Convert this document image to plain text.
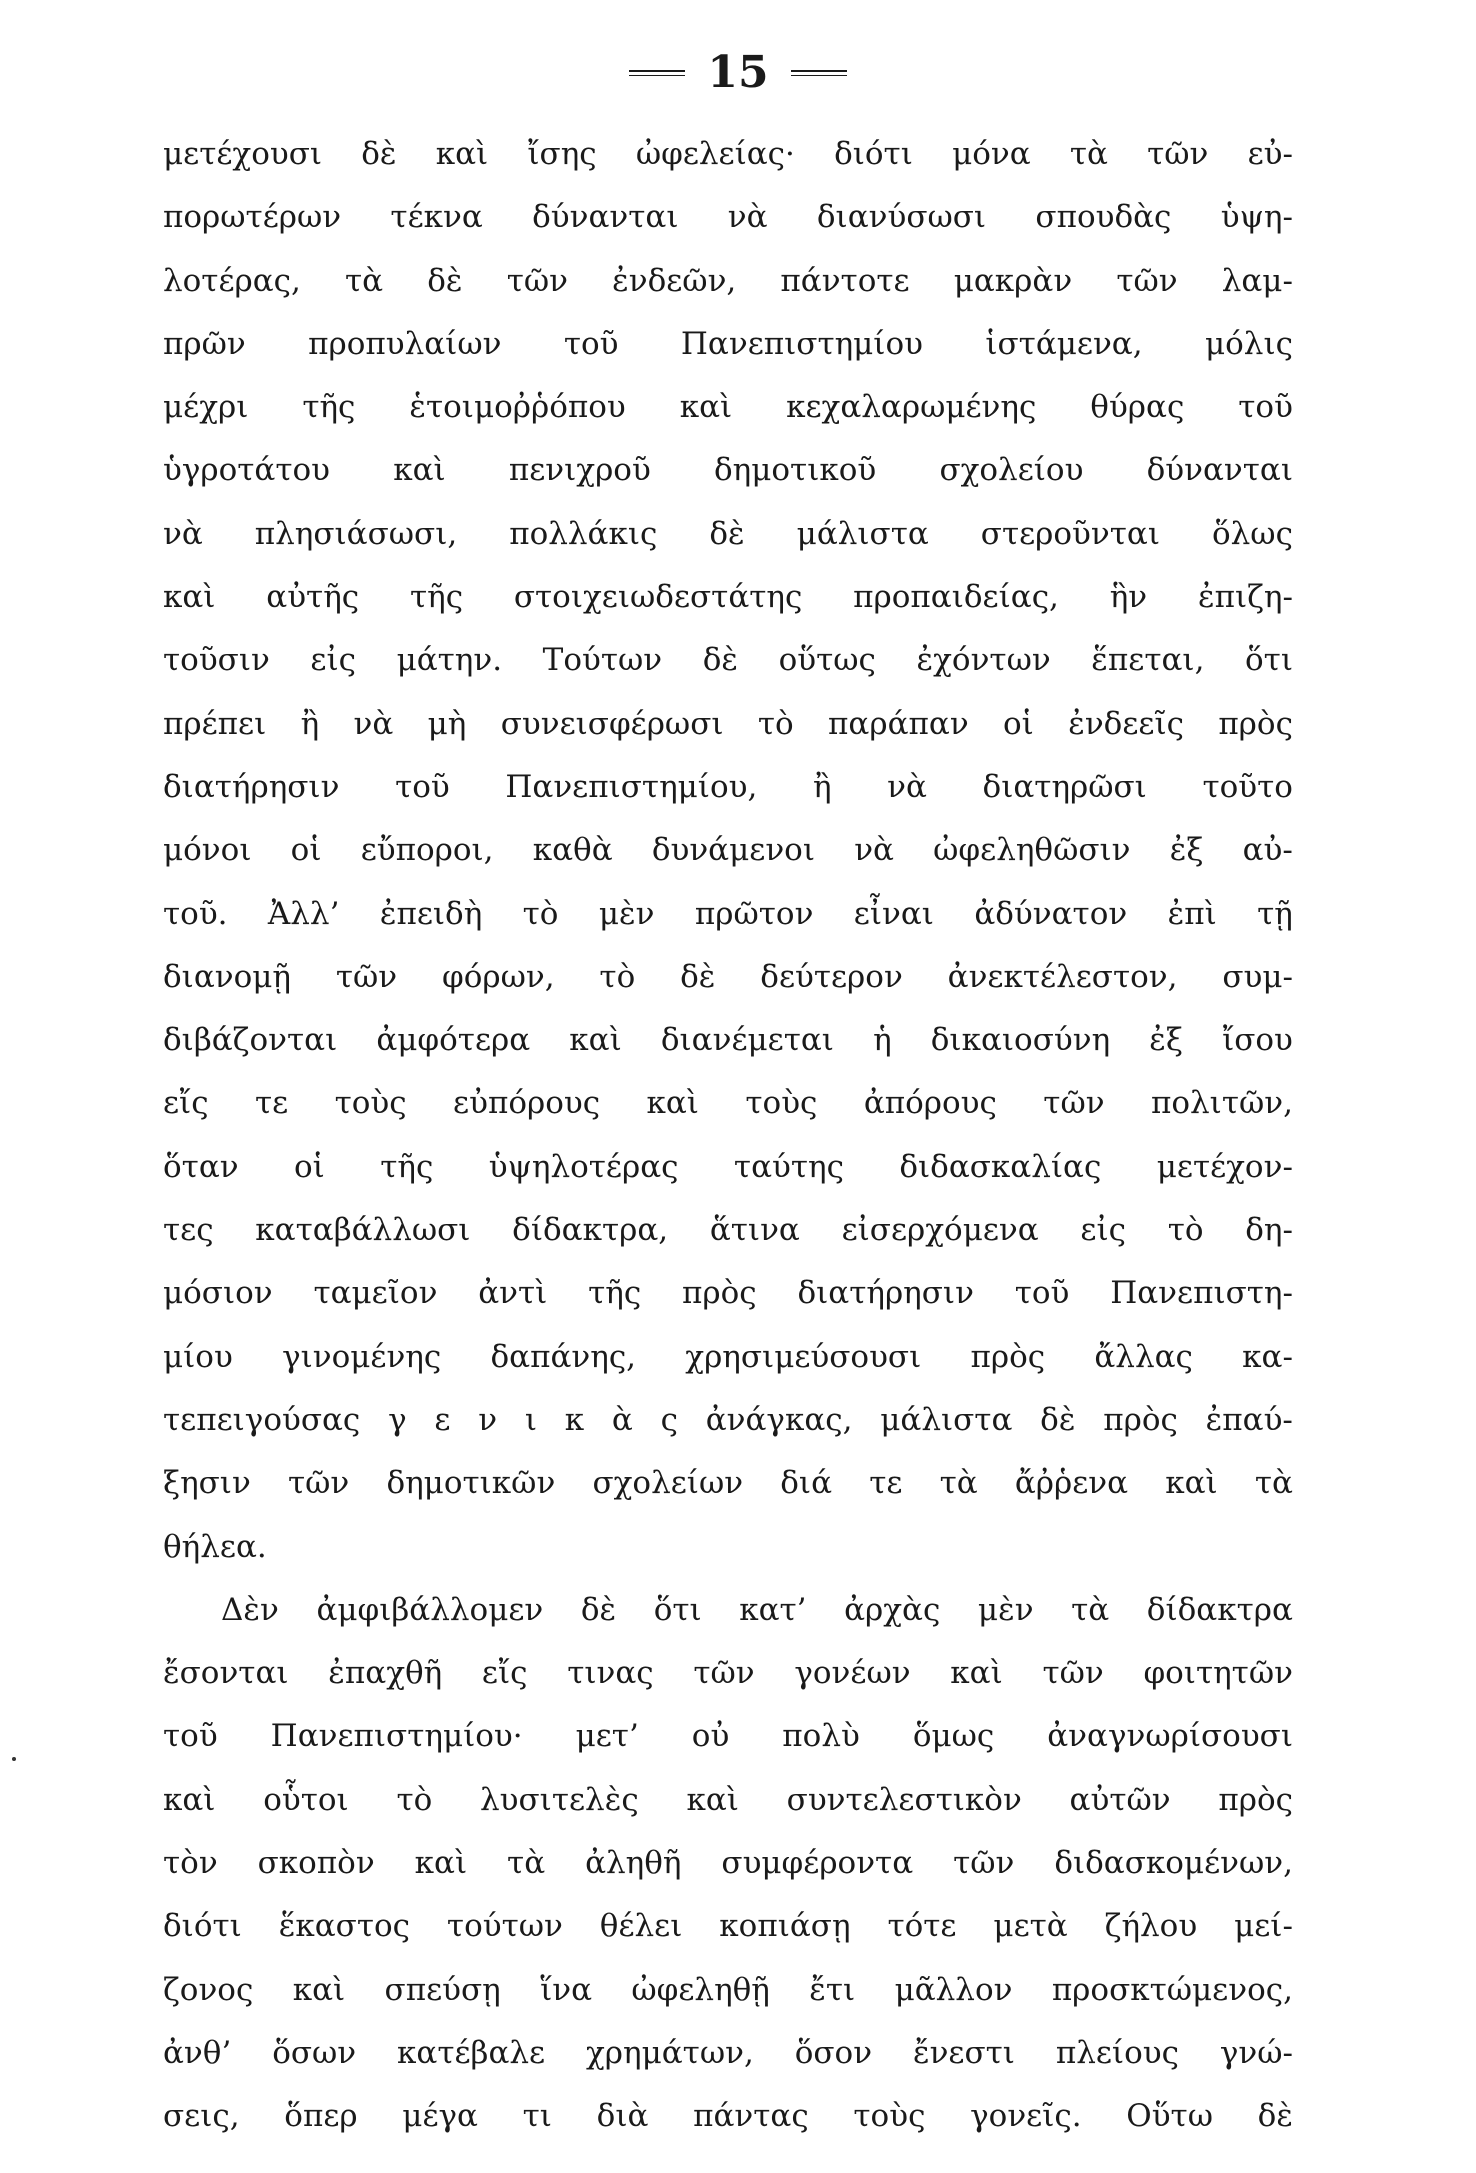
15
μετέχουσι δὲ καὶ ἴσης ὠφελείας· διότι μόνα τὰ τῶν εὐ-
πορωτέρων τέκνα δύνανται νὰ διανύσωσι σπουδὰς ὑψη-
λοτέρας, τὰ δὲ τῶν ἐνδεῶν, πάντοτε μακρὰν τῶν λαμ-
πρῶν προπυλαίων τοῦ Πανεπιστημίου ἱστάμενα, μόλις
μέχρι τῆς ἑτοιμοῤῥόπου καὶ κεχαλαρωμένης θύρας τοῦ
ὑγροτάτου καὶ πενιχροῦ δημοτικοῦ σχολείου δύνανται
νὰ πλησιάσωσι, πολλάκις δὲ μάλιστα στεροῦνται ὅλως
καὶ αὐτῆς τῆς στοιχειωδεστάτης προπαιδείας, ἣν ἐπιζη-
τοῦσιν εἰς μάτην. Τούτων δὲ οὕτως ἐχόντων ἕπεται, ὅτι
πρέπει ἢ νὰ μὴ συνεισφέρωσι τὸ παράπαν οἱ ἐνδεεῖς πρὸς
διατήρησιν τοῦ Πανεπιστημίου, ἢ νὰ διατηρῶσι τοῦτο
μόνοι οἱ εὔποροι, καθὰ δυνάμενοι νὰ ὠφεληθῶσιν ἐξ αὐ-
τοῦ. Ἀλλ’ ἐπειδὴ τὸ μὲν πρῶτον εἶναι ἀδύνατον ἐπὶ τῇ
διανομῇ τῶν φόρων, τὸ δὲ δεύτερον ἀνεκτέλεστον, συμ-
διβάζονται ἀμφότερα καὶ διανέμεται ἡ δικαιοσύνη ἐξ ἴσου
εἴς τε τοὺς εὐπόρους καὶ τοὺς ἀπόρους τῶν πολιτῶν,
ὅταν οἱ τῆς ὑψηλοτέρας ταύτης διδασκαλίας μετέχον-
τες καταβάλλωσι δίδακτρα, ἅτινα εἰσερχόμενα εἰς τὸ δη-
μόσιον ταμεῖον ἀντὶ τῆς πρὸς διατήρησιν τοῦ Πανεπιστη-
μίου γινομένης δαπάνης, χρησιμεύσουσι πρὸς ἄλλας κα-
τεπειγούσας γ ε ν ι κ ὰ ς ἀνάγκας, μάλιστα δὲ πρὸς ἐπαύ-
ξησιν τῶν δημοτικῶν σχολείων διά τε τὰ ἄῤῥενα καὶ τὰ
θήλεα.
Δὲν ἀμφιβάλλομεν δὲ ὅτι κατ’ ἀρχὰς μὲν τὰ δίδακτρα
ἔσονται ἐπαχθῆ εἴς τινας τῶν γονέων καὶ τῶν φοιτητῶν
τοῦ Πανεπιστημίου· μετ’ οὐ πολὺ ὅμως ἀναγνωρίσουσι
καὶ οὗτοι τὸ λυσιτελὲς καὶ συντελεστικὸν αὐτῶν πρὸς
τὸν σκοπὸν καὶ τὰ ἀληθῆ συμφέροντα τῶν διδασκομένων,
διότι ἕκαστος τούτων θέλει κοπιάσῃ τότε μετὰ ζήλου μεί-
ζονος καὶ σπεύσῃ ἵνα ὠφεληθῇ ἔτι μᾶλλον προσκτώμενος,
ἀνθ’ ὅσων κατέβαλε χρημάτων, ὅσον ἔνεστι πλείους γνώ-
σεις, ὅπερ μέγα τι διὰ πάντας τοὺς γονεῖς. Οὕτω δὲ
